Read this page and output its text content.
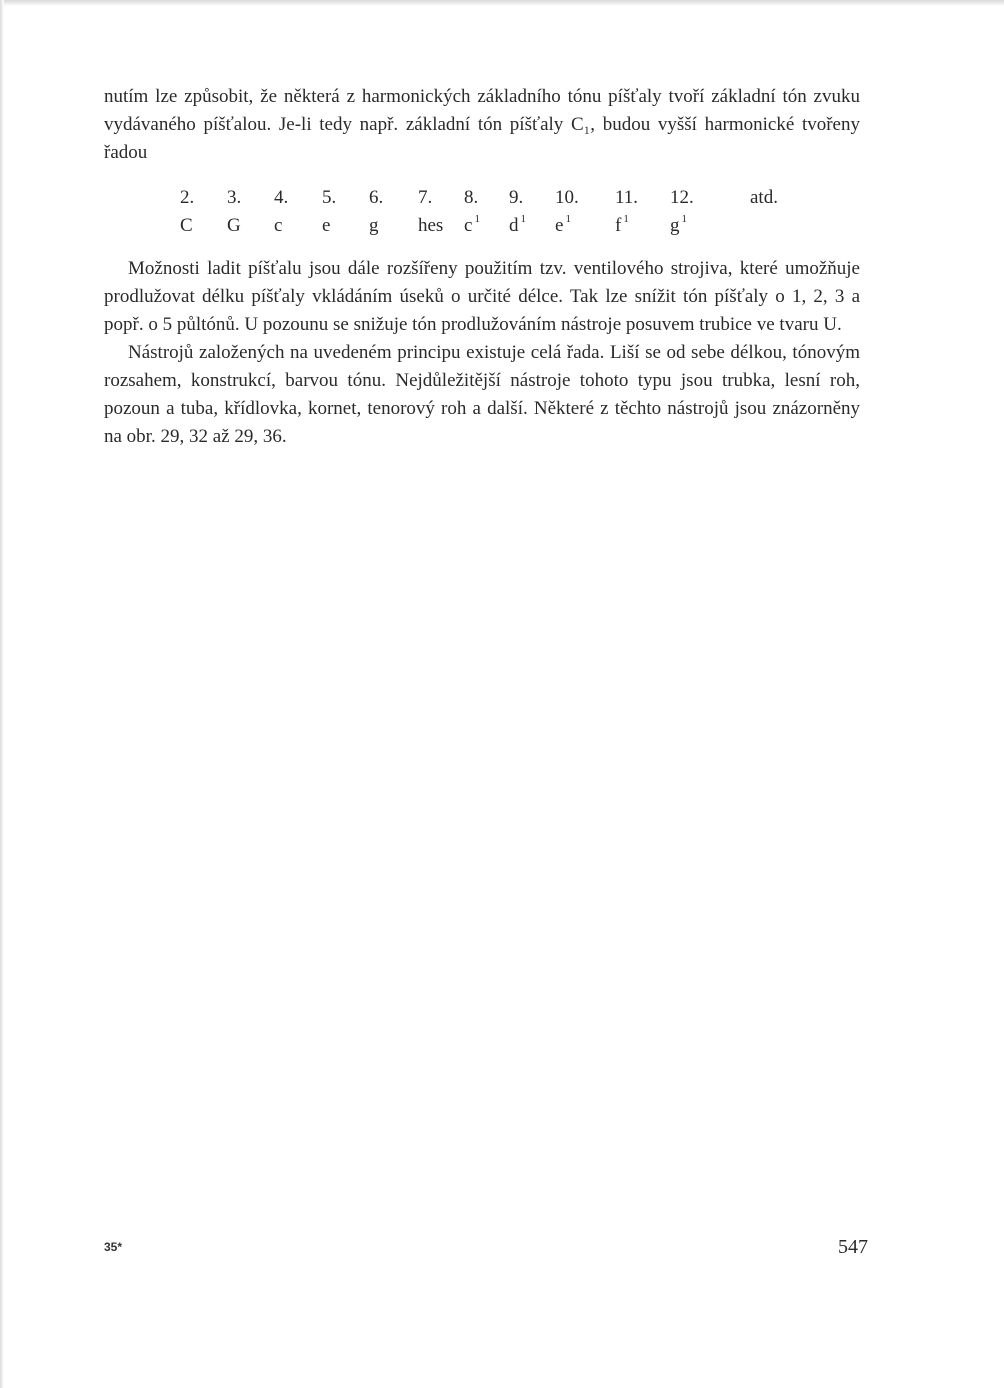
nutím lze způsobit, že některá z harmonických základního tónu píšťaly tvoří základní tón zvuku vydávaného píšťalou. Je-li tedy např. základní tón píšťaly C₁, budou vyšší harmonické tvořeny řadou

2.	3.	4.	5.	6.	7.	8.	9.	10.	11.	12.	atd.
C	G	c	e	g	hes	c $^1$	d $^1$	e $^1$	f $^1$	g $^1$	

Možnosti ladit píšťalu jsou dále rozšířeny použitím tzv. ventilového strojiva, které umožňuje prodlužovat délku píšťaly vkládáním úseků o určité délce. Tak lze snížit tón píšťaly o 1, 2, 3 a popř. o 5 půltónů. U pozounu se snižuje tón prodlužováním nástroje posuvem trubice ve tvaru U.

Nástrojů založených na uvedeném principu existuje celá řada. Liší se od sebe délkou, tónovým rozsahem, konstrukcí, barvou tónu. Nejdůležitější nástroje tohoto typu jsou trubka, lesní roh, pozoun a tuba, křídlovka, kornet, tenorový roh a další. Některé z těchto nástrojů jsou znázorněny na obr. 29, 32 až 29, 36.

35*	547
